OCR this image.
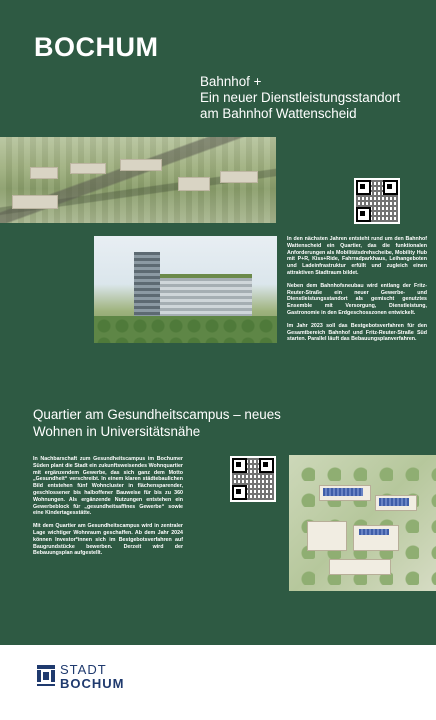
BOCHUM
Bahnhof +
Ein neuer Dienstleistungsstandort
am Bahnhof Wattenscheid

In den nächsten Jahren entsteht rund um den Bahnhof Wattenscheid ein Quartier, das die funktionalen Anforderungen als Mobilitätsdrehscheibe, Mobility Hub mit P+R, Kiss+Ride, Fahrradparkhaus, Leihangeboten und Ladeinfrastruktur erfüllt und zugleich einen attraktiven Stadtraum bildet.

Neben dem Bahnhofsneubau wird entlang der Fritz-Reuter-Straße ein neuer Gewerbe- und Dienstleistungsstandort als gemischt genutztes Ensemble mit Versorgung, Dienstleistung, Gastronomie in den Erdgeschosszonen entwickelt.

Im Jahr 2023 soll das Bestgebotsverfahren für den Gesamtbereich Bahnhof und Fritz-Reuter-Straße Süd starten. Parallel läuft das Bebauungsplanverfahren.

Quartier am Gesundheitscampus – neues
Wohnen in Universitätsnähe

In Nachbarschaft zum Gesundheitscampus im Bochumer Süden plant die Stadt ein zukunftsweisendes Wohnquartier mit ergänzendem Gewerbe, das sich ganz dem Motto „Gesundheit“ verschreibt. In einem klaren städtebaulichen Bild entstehen fünf Wohncluster in flächensparender, geschlossener bis halboffener Bauweise für bis zu 360 Wohnungen. Als ergänzende Nutzungen entstehen ein Gewerbeblock für „gesundheitsaffines Gewerbe“ sowie eine Kindertagesstätte.

Mit dem Quartier am Gesundheitscampus wird in zentraler Lage wichtiger Wohnraum geschaffen. Ab dem Jahr 2024 können Investor*innen sich im Bestgebotsverfahren auf Baugrundstücke bewerben. Derzeit wird der Bebauungsplan aufgestellt.

STADT
BOCHUM
